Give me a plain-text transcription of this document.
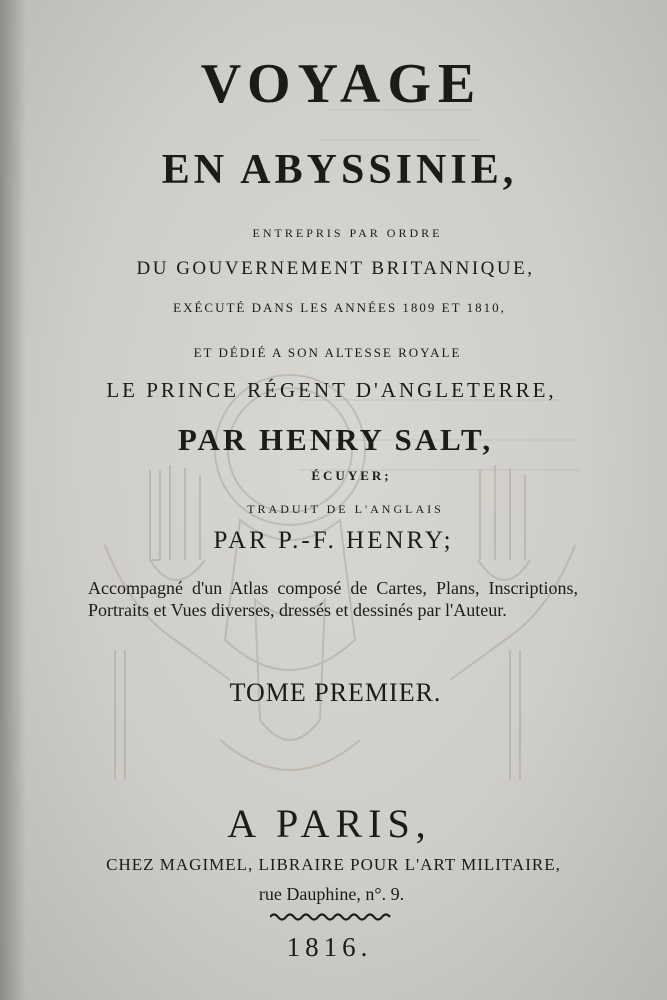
VOYAGE
EN ABYSSINIE,
ENTREPRIS PAR ORDRE
DU GOUVERNEMENT BRITANNIQUE,
EXÉCUTÉ DANS LES ANNÉES 1809 ET 1810,
ET DÉDIÉ A SON ALTESSE ROYALE
LE PRINCE RÉGENT D'ANGLETERRE,
PAR HENRY SALT,
ÉCUYER;
TRADUIT DE L'ANGLAIS
PAR P.-F. HENRY;
Accompagné d'un Atlas composé de Cartes, Plans, Inscriptions, Portraits et Vues diverses, dressés et dessinés par l'Auteur.
TOME PREMIER.
A PARIS,
CHEZ MAGIMEL, LIBRAIRE POUR L'ART MILITAIRE,
rue Dauphine, n°. 9.
1816.
